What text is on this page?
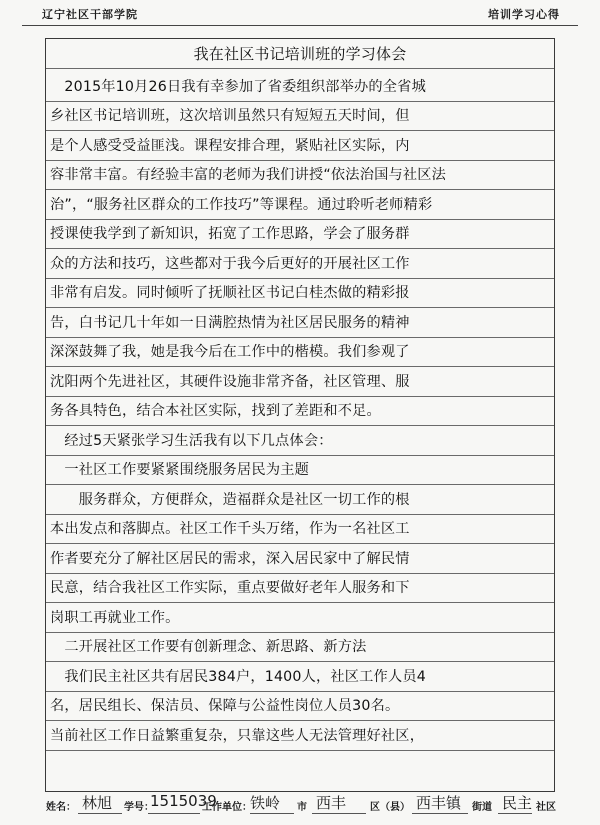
辽宁社区干部学院	培训学习心得
我在社区书记培训班的学习体会
　2015年10月26日我有幸参加了省委组织部举办的全省城
乡社区书记培训班，这次培训虽然只有短短五天时间，但
是个人感受受益匪浅。课程安排合理，紧贴社区实际，内
容非常丰富。有经验丰富的老师为我们讲授“依法治国与社区法
治”，“服务社区群众的工作技巧”等课程。通过聆听老师精彩
授课使我学到了新知识，拓宽了工作思路，学会了服务群
众的方法和技巧，这些都对于我今后更好的开展社区工作
非常有启发。同时倾听了抚顺社区书记白桂杰做的精彩报
告，白书记几十年如一日满腔热情为社区居民服务的精神
深深鼓舞了我，她是我今后在工作中的楷模。我们参观了
沈阳两个先进社区，其硬件设施非常齐备，社区管理、服
务各具特色，结合本社区实际，找到了差距和不足。
　经过5天紧张学习生活我有以下几点体会：
　一社区工作要紧紧围绕服务居民为主题
　　服务群众，方便群众，造福群众是社区一切工作的根
本出发点和落脚点。社区工作千头万绪，作为一名社区工
作者要充分了解社区居民的需求，深入居民家中了解民情
民意，结合我社区工作实际，重点要做好老年人服务和下
岗职工再就业工作。
　二开展社区工作要有创新理念、新思路、新方法
　我们民主社区共有居民384户，1400人，社区工作人员4
名，居民组长、保洁员、保障与公益性岗位人员30名。
当前社区工作日益繁重复杂，只靠这些人无法管理好社区，
姓名： 林旭 学号：
1515039
工作单位：
铁岭 市 西丰 区（县） 西丰镇 街道 民主 社区
